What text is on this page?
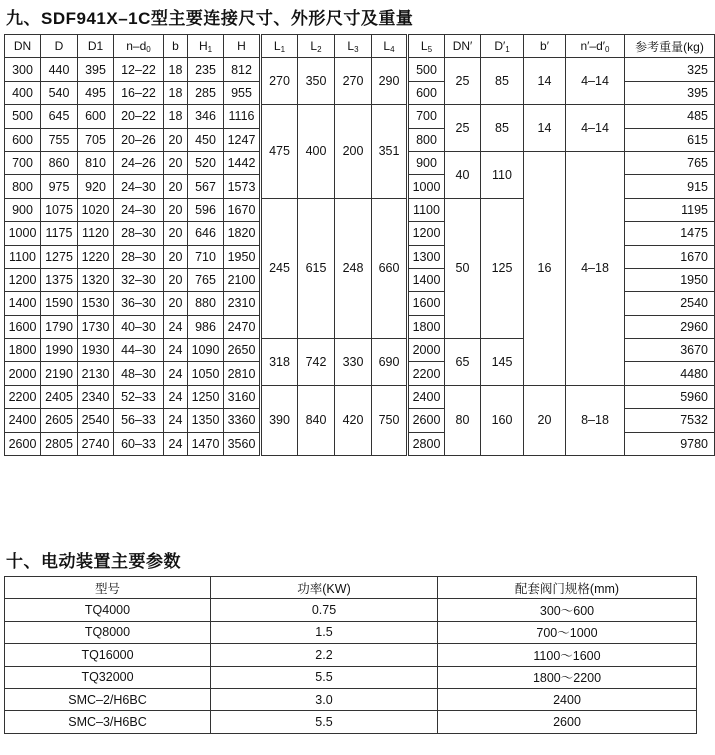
九、SDF941X–1C型主要连接尺寸、外形尺寸及重量
DN	D	D1	$n-d_0$	b	$H_1$	H	$L_1$	$L_2$	$L_3$	$L_4$	$L_5$	DN′	$D'_1$	b′	$n'-d'_0$	参考重量(kg)
300	440	395	12–22	18	235	812	270	350	270	290	500	25	85	14	4–14	325
400	540	495	16–22	18	285	955					600					395
500	645	600	20–22	18	346	1116	475	400	200	351	700	25	85	14	4–14	485
600	755	705	20–26	20	450	1247					800					615
700	860	810	24–26	20	520	1442					900	40	110	16	4–18	765
800	975	920	24–30	20	567	1573					1000					915
900	1075	1020	24–30	20	596	1670	245	615	248	660	1100	50	125			1195
1000	1175	1120	28–30	20	646	1820					1200					1475
1100	1275	1220	28–30	20	710	1950					1300					1670
1200	1375	1320	32–30	20	765	2100					1400					1950
1400	1590	1530	36–30	20	880	2310					1600					2540
1600	1790	1730	40–30	24	986	2470					1800					2960
1800	1990	1930	44–30	24	1090	2650	318	742	330	690	2000	65	145			3670
2000	2190	2130	48–30	24	1050	2810					2200					4480
2200	2405	2340	52–33	24	1250	3160	390	840	420	750	2400	80	160	20	8–18	5960
2400	2605	2540	56–33	24	1350	3360					2600					7532
2600	2805	2740	60–33	24	1470	3560					2800					9780
十、电动装置主要参数
型号	功率(KW)	配套阀门规格(mm)
TQ4000	0.75	300～600
TQ8000	1.5	700～1000
TQ16000	2.2	1100～1600
TQ32000	5.5	1800～2200
SMC–2/H6BC	3.0	2400
SMC–3/H6BC	5.5	2600
